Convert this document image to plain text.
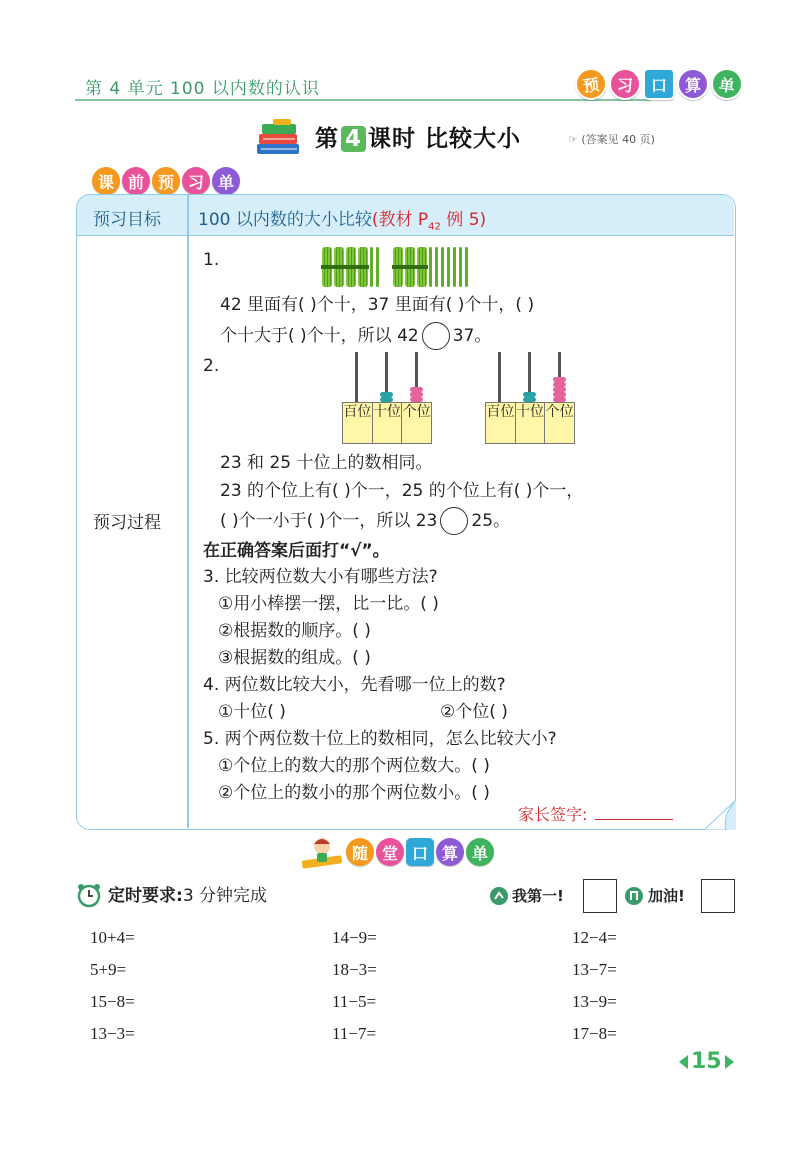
第 4 单元 100 以内数的认识	预	习	口	算	单
第 4 课时 比较大小	☞ (答案见 40 页)
课 前 预 习 单
预习目标 100 以内数的大小比较(教材 $P_{42}$ 例 5)
预习过程
1.
42 里面有( )个十，37 里面有( )个十，( )
个十大于( )个十，所以 42 37。
2.
百位 十位 个位	百位 十位 个位
23 和 25 十位上的数相同。
23 的个位上有( )个一，25 的个位上有( )个一，
( )个一小于( )个一，所以 23 25。
在正确答案后面打“√”。
3. 比较两位数大小有哪些方法?
①用小棒摆一摆，比一比。( )
②根据数的顺序。( )
③根据数的组成。( )
4. 两位数比较大小，先看哪一位上的数?
①十位( )	②个位( )
5. 两个两位数十位上的数相同，怎么比较大小?
①个位上的数大的那个两位数大。( )
②个位上的数小的那个两位数小。( )
家长签字:
随 堂 口 算 单
定时要求:3 分钟完成	我第一!	加油!
10+4=	14−9=	12−4=
5+9=	18−3=	13−7=
15−8=	11−5=	13−9=
13−3=	11−7=	17−8=
15
